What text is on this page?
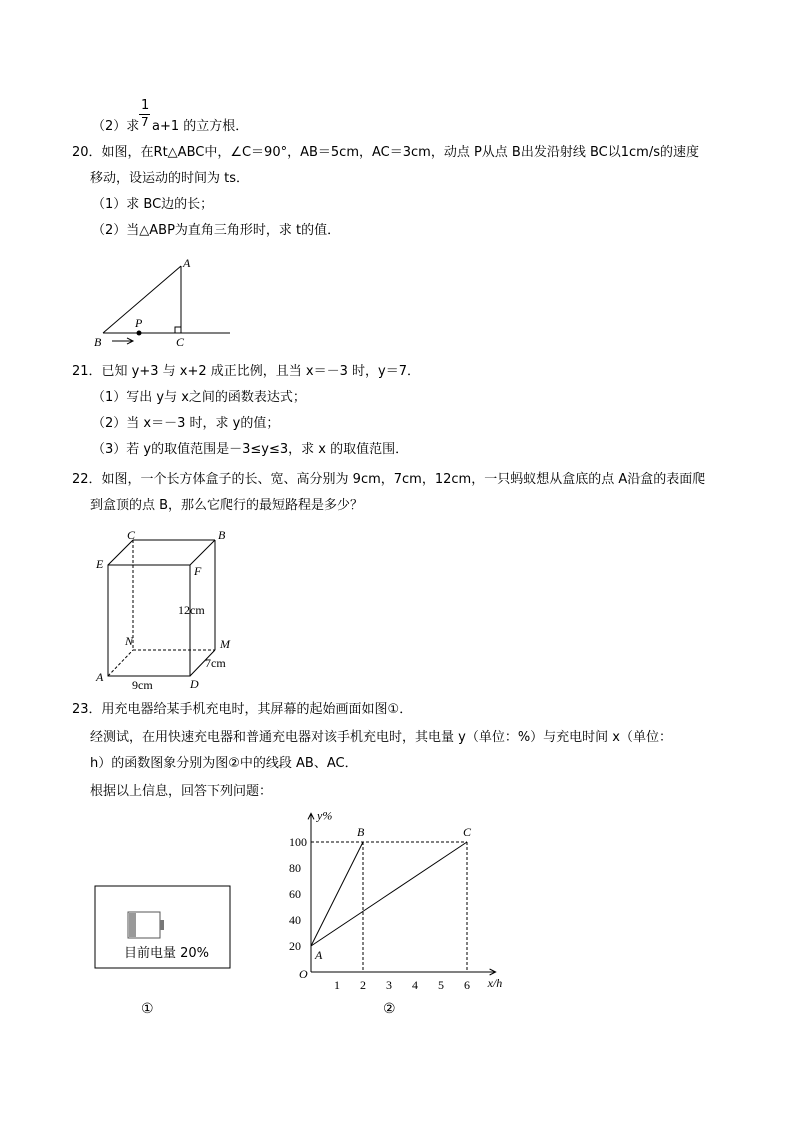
1
（2）求 7 a+1 的立方根．
20．如图，在Rt△ABC中，∠C＝90°，AB＝5cm，AC＝3cm，动点 P从点 B出发沿射线 BC以1cm/s的速度
移动，设运动的时间为 ts．
（1）求 BC边的长；
（2）当△ABP为直角三角形时，求 t的值．
A
B	C
P
C	B
E	F
N	M
A	D
12cm
7cm
9cm
目前电量 20%
①
1 2 3 4 5 6
20
40
60
80
100
A
B	C
O
y%
x/h
②
21．已知 y+3 与 x+2 成正比例，且当 x＝－3 时，y＝7．
（1）写出 y与 x之间的函数表达式；
（2）当 x＝－3 时，求 y的值；
（3）若 y的取值范围是－3≤y≤3，求 x 的取值范围．
22．如图，一个长方体盒子的长、宽、高分别为 9cm，7cm，12cm，一只蚂蚁想从盒底的点 A沿盒的表面爬
到盒顶的点 B，那么它爬行的最短路程是多少？
23．用充电器给某手机充电时，其屏幕的起始画面如图①．
经测试，在用快速充电器和普通充电器对该手机充电时，其电量 y（单位：%）与充电时间 x（单位：
h）的函数图象分别为图②中的线段 AB、AC．
根据以上信息，回答下列问题：
